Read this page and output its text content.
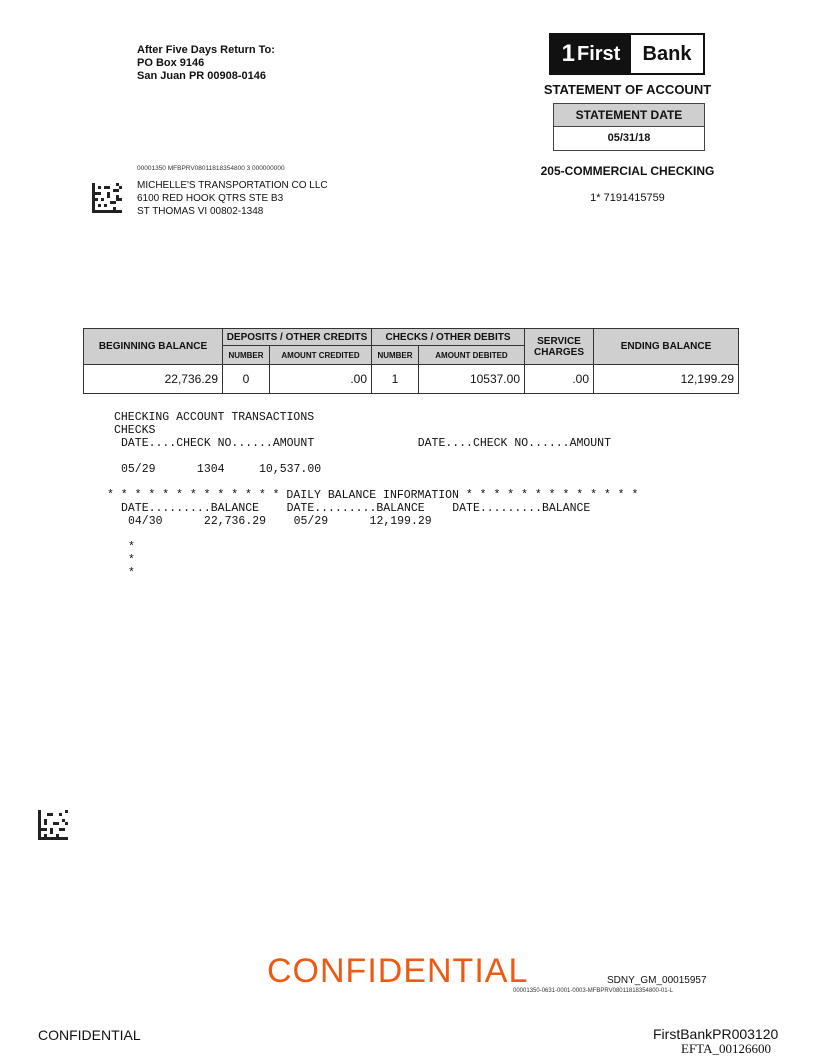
After Five Days Return To:
PO Box 9146
San Juan PR 00908-0146
1 First	Bank
STATEMENT OF ACCOUNT
STATEMENT DATE
05/31/18
205-COMMERCIAL CHECKING
1* 7191415759
00001350 MFBPRV08011818354800 3 000000000
MICHELLE'S TRANSPORTATION CO LLC
6100 RED HOOK QTRS STE B3
ST THOMAS VI 00802-1348
BEGINNING BALANCE	DEPOSITS / OTHER CREDITS		CHECKS / OTHER DEBITS		SERVICE CHARGES	ENDING BALANCE
	NUMBER	AMOUNT CREDITED	NUMBER	AMOUNT DEBITED		
22,736.29	0	.00	1	10537.00	.00	12,199.29
CHECKING ACCOUNT TRANSACTIONS
CHECKS
DATE....CHECK NO......AMOUNT               DATE....CHECK NO......AMOUNT
05/29      1304     10,537.00
* * * * * * * * * * * * * DAILY BALANCE INFORMATION * * * * * * * * * * * * *
DATE.........BALANCE    DATE.........BALANCE    DATE.........BALANCE
04/30      22,736.29    05/29      12,199.29
*
*
*
CONFIDENTIAL	SDNY_GM_00015957
00001350-0631-0001-0003-MFBPRV08011818354800-01-L
CONFIDENTIAL	FirstBankPR003120
EFTA_00126600
